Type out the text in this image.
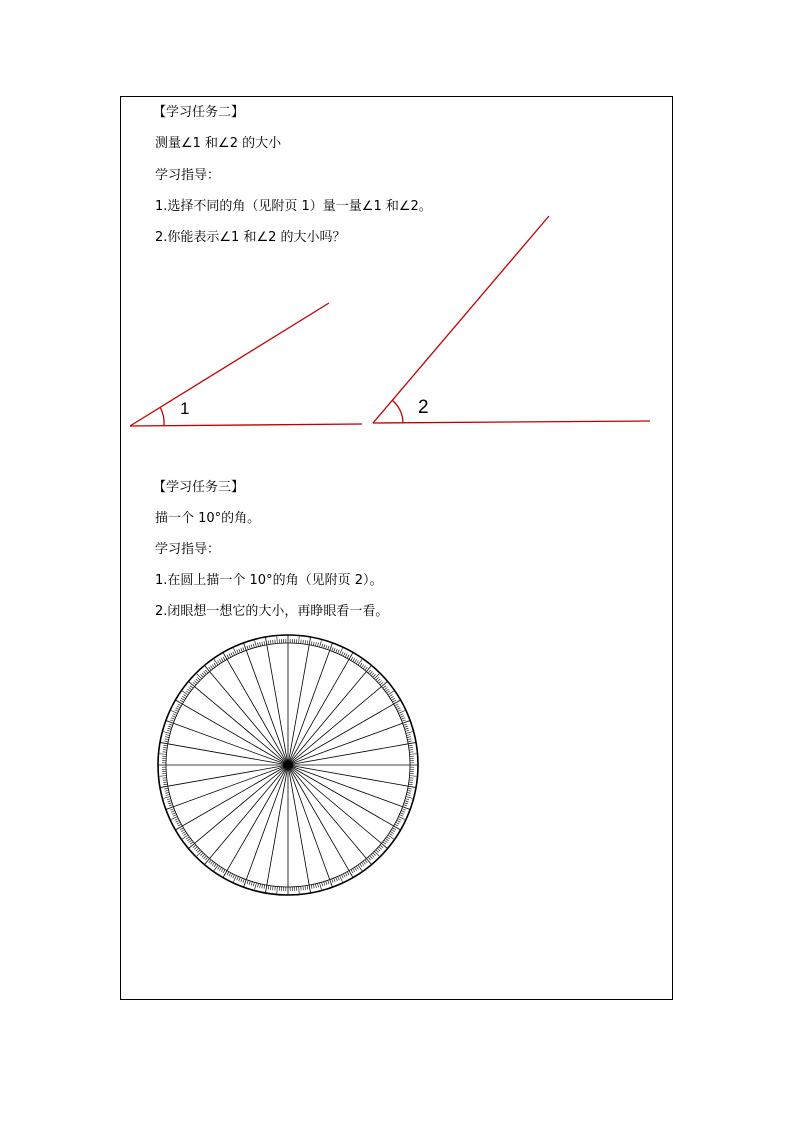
【学习任务二】
测量∠1 和∠2 的大小
学习指导：
1.选择不同的角（见附页 1）量一量∠1 和∠2。
2.你能表示∠1 和∠2 的大小吗？
1	2
【学习任务三】
描一个 10°的角。
学习指导：
1.在圆上描一个 10°的角（见附页 2）。
2.闭眼想一想它的大小，再睁眼看一看。
